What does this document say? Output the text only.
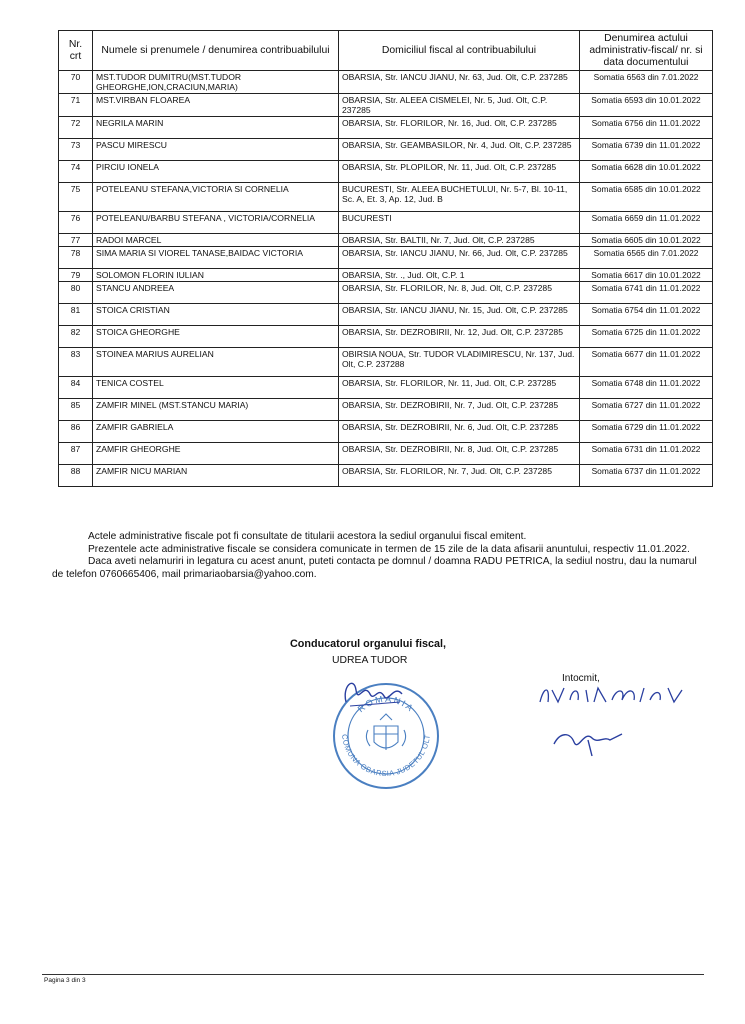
Nr. crt	Numele si prenumele / denumirea contribuabilului	Domiciliul fiscal al contribuabilului	Denumirea actului administrativ-fiscal/ nr. si data documentului
70	MST.TUDOR DUMITRU(MST.TUDOR GHEORGHE,ION,CRACIUN,MARIA)	OBARSIA, Str. IANCU JIANU, Nr. 63, Jud. Olt, C.P. 237285	Somatia 6563 din 7.01.2022
71	MST.VIRBAN FLOAREA	OBARSIA, Str. ALEEA CISMELEI, Nr. 5, Jud. Olt, C.P. 237285	Somatia 6593 din 10.01.2022
72	NEGRILA MARIN	OBARSIA, Str. FLORILOR, Nr. 16, Jud. Olt, C.P. 237285	Somatia 6756 din 11.01.2022
73	PASCU MIRESCU	OBARSIA, Str. GEAMBASILOR, Nr. 4, Jud. Olt, C.P. 237285	Somatia 6739 din 11.01.2022
74	PIRCIU IONELA	OBARSIA, Str. PLOPILOR, Nr. 11, Jud. Olt, C.P. 237285	Somatia 6628 din 10.01.2022
75	POTELEANU STEFANA,VICTORIA SI CORNELIA	BUCURESTI, Str. ALEEA BUCHETULUI, Nr. 5-7, Bl. 10-11, Sc. A, Et. 3, Ap. 12, Jud. B	Somatia 6585 din 10.01.2022
76	POTELEANU/BARBU STEFANA , VICTORIA/CORNELIA	BUCURESTI	Somatia 6659 din 11.01.2022
77	RADOI MARCEL	OBARSIA, Str. BALTII, Nr. 7, Jud. Olt, C.P. 237285	Somatia 6605 din 10.01.2022
78	SIMA MARIA SI VIOREL TANASE,BAIDAC VICTORIA	OBARSIA, Str. IANCU JIANU, Nr. 66, Jud. Olt, C.P. 237285	Somatia 6565 din 7.01.2022
79	SOLOMON FLORIN IULIAN	OBARSIA, Str. ., Jud. Olt, C.P. 1	Somatia 6617 din 10.01.2022
80	STANCU ANDREEA	OBARSIA, Str. FLORILOR, Nr. 8, Jud. Olt, C.P. 237285	Somatia 6741 din 11.01.2022
81	STOICA CRISTIAN	OBARSIA, Str. IANCU JIANU, Nr. 15, Jud. Olt, C.P. 237285	Somatia 6754 din 11.01.2022
82	STOICA GHEORGHE	OBARSIA, Str. DEZROBIRII, Nr. 12, Jud. Olt, C.P. 237285	Somatia 6725 din 11.01.2022
83	STOINEA MARIUS AURELIAN	OBIRSIA NOUA, Str. TUDOR VLADIMIRESCU, Nr. 137, Jud. Olt, C.P. 237288	Somatia 6677 din 11.01.2022
84	TENICA COSTEL	OBARSIA, Str. FLORILOR, Nr. 11, Jud. Olt, C.P. 237285	Somatia 6748 din 11.01.2022
85	ZAMFIR MINEL (MST.STANCU MARIA)	OBARSIA, Str. DEZROBIRII, Nr. 7, Jud. Olt, C.P. 237285	Somatia 6727 din 11.01.2022
86	ZAMFIR GABRIELA	OBARSIA, Str. DEZROBIRII, Nr. 6, Jud. Olt, C.P. 237285	Somatia 6729 din 11.01.2022
87	ZAMFIR GHEORGHE	OBARSIA, Str. DEZROBIRII, Nr. 8, Jud. Olt, C.P. 237285	Somatia 6731 din 11.01.2022
88	ZAMFIR NICU MARIAN	OBARSIA, Str. FLORILOR, Nr. 7, Jud. Olt, C.P. 237285	Somatia 6737 din 11.01.2022

Actele administrative fiscale pot fi consultate de titularii acestora la sediul organului fiscal emitent.

Prezentele acte administrative fiscale se considera comunicate in termen de 15 zile de la data afisarii anuntului, respectiv 11.01.2022.

Daca aveti nelamuriri in legatura cu acest anunt, puteti contacta pe domnul / doamna RADU PETRICA, la sediul nostru, dau la numarul de telefon 0760665406, mail primariaobarsia@yahoo.com.

Conducatorul organului fiscal,
UDREA TUDOR
Intocmit,
ROMANIA
COMUNA OBARSIA JUDETUL OLT
Pagina 3 din 3
